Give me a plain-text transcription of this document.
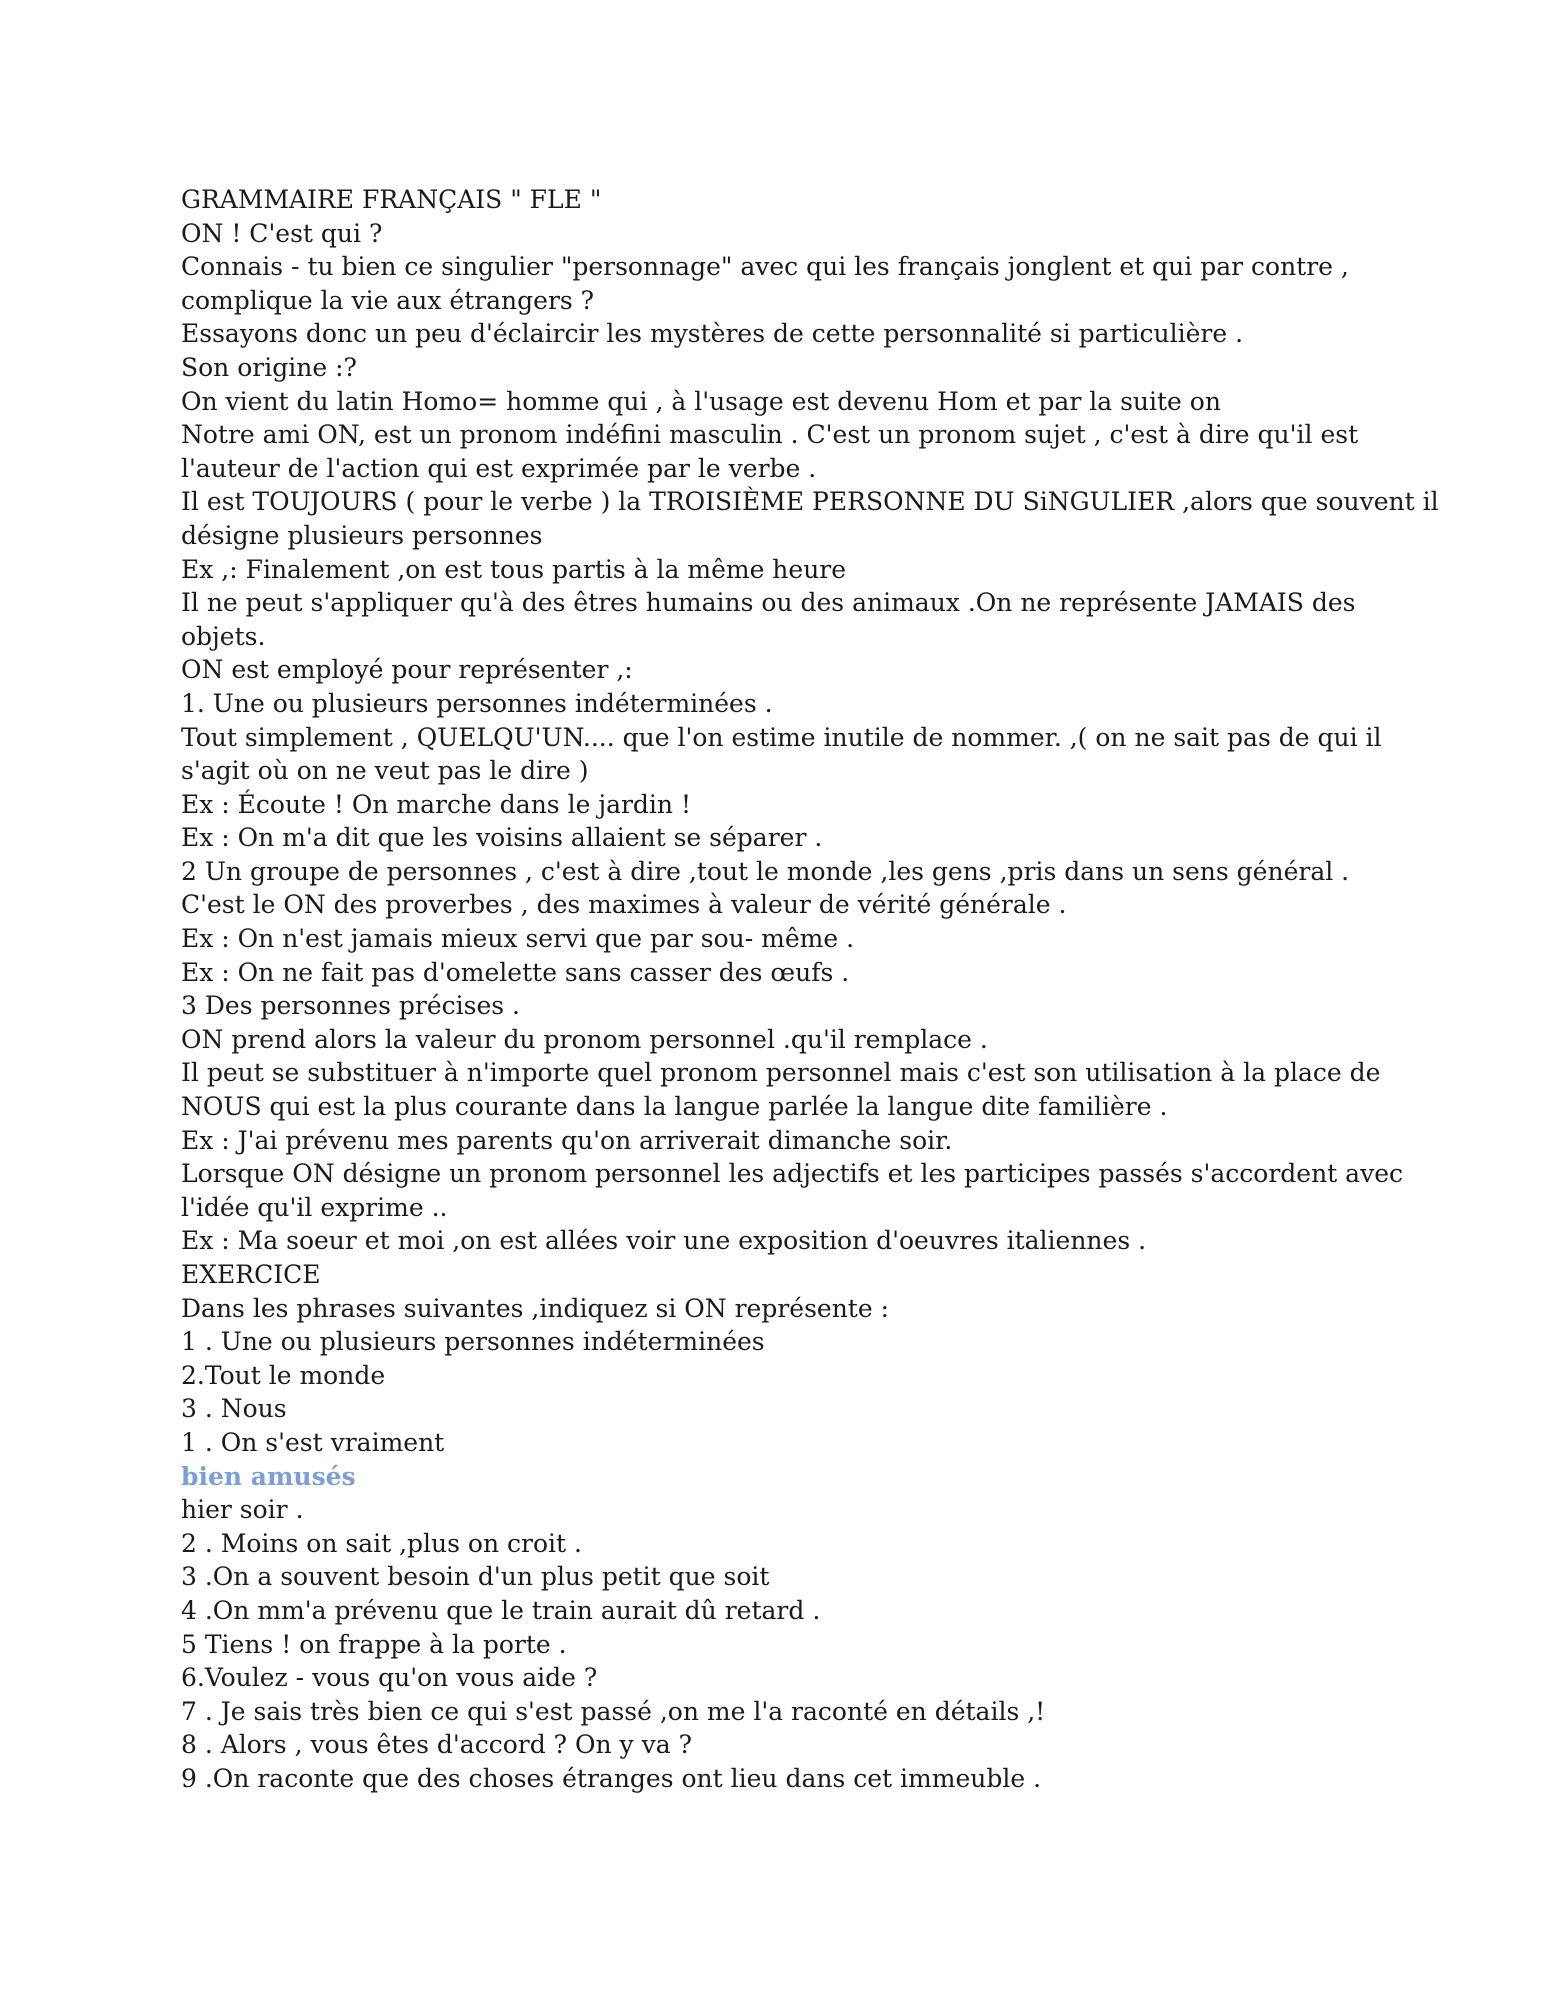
GRAMMAIRE FRANÇAIS " FLE "
ON ! C'est qui ?
Connais - tu bien ce singulier "personnage" avec qui les français jonglent et qui par contre ,
complique la vie aux étrangers ?
Essayons donc un peu d'éclaircir les mystères de cette personnalité si particulière .
Son origine :?
On vient du latin Homo= homme qui , à l'usage est devenu Hom et par la suite on
Notre ami ON, est un pronom indéfini masculin . C'est un pronom sujet , c'est à dire qu'il est
l'auteur de l'action qui est exprimée par le verbe .
Il est TOUJOURS ( pour le verbe ) la TROISIÈME PERSONNE DU SiNGULIER ,alors que souvent il
désigne plusieurs personnes
Ex ,: Finalement ,on est tous partis à la même heure
Il ne peut s'appliquer qu'à des êtres humains ou des animaux .On ne représente JAMAIS des
objets.
ON est employé pour représenter ,:
1. Une ou plusieurs personnes indéterminées .
Tout simplement , QUELQU'UN.... que l'on estime inutile de nommer. ,( on ne sait pas de qui il
s'agit où on ne veut pas le dire )
Ex : Écoute ! On marche dans le jardin !
Ex : On m'a dit que les voisins allaient se séparer .
2 Un groupe de personnes , c'est à dire ,tout le monde ,les gens ,pris dans un sens général .
C'est le ON des proverbes , des maximes à valeur de vérité générale .
Ex : On n'est jamais mieux servi que par sou- même .
Ex : On ne fait pas d'omelette sans casser des œufs .
3 Des personnes précises .
ON prend alors la valeur du pronom personnel .qu'il remplace .
Il peut se substituer à n'importe quel pronom personnel mais c'est son utilisation à la place de
NOUS qui est la plus courante dans la langue parlée la langue dite familière .
Ex : J'ai prévenu mes parents qu'on arriverait dimanche soir.
Lorsque ON désigne un pronom personnel les adjectifs et les participes passés s'accordent avec
l'idée qu'il exprime ..
Ex : Ma soeur et moi ,on est allées voir une exposition d'oeuvres italiennes .
EXERCICE
Dans les phrases suivantes ,indiquez si ON représente :
1 . Une ou plusieurs personnes indéterminées
2.Tout le monde
3 . Nous
1 . On s'est vraiment
bien amusés
hier soir .
2 . Moins on sait ,plus on croit .
3 .On a souvent besoin d'un plus petit que soit
4 .On mm'a prévenu que le train aurait dû retard .
5 Tiens ! on frappe à la porte .
6.Voulez - vous qu'on vous aide ?
7 . Je sais très bien ce qui s'est passé ,on me l'a raconté en détails ,!
8 . Alors , vous êtes d'accord ? On y va ?
9 .On raconte que des choses étranges ont lieu dans cet immeuble .
